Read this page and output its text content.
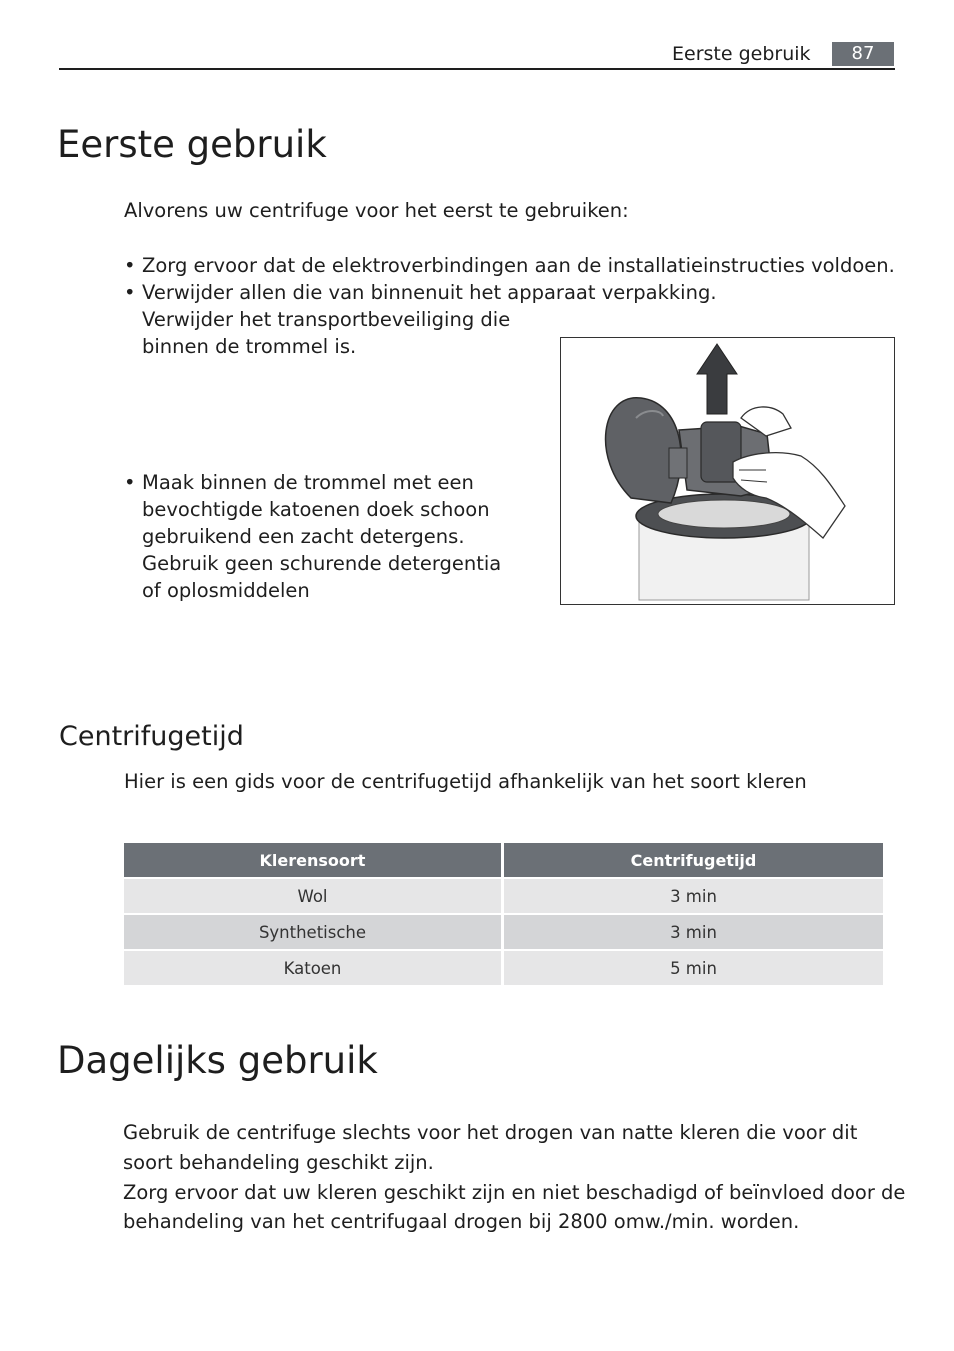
Eerste gebruik	87
Eerste gebruik

Alvorens uw centrifuge voor het eerst te gebruiken:

• Zorg ervoor dat de elektroverbindingen aan de installatieinstructies voldoen.
• Verwijder allen die van binnenuit het apparaat verpakking.
Verwijder het transportbeveiliging die
binnen de trommel is.
• Maak binnen de trommel met een
bevochtigde katoenen doek schoon
gebruikend een zacht detergens.
Gebruik geen schurende detergentia
of oplosmiddelen
Centrifugetijd

Hier is een gids voor de centrifugetijd afhankelijk van het soort kleren

Klerensoort	Centrifugetijd
Wol	3 min
Synthetische	3 min
Katoen	5 min
Dagelijks gebruik
Gebruik de centrifuge slechts voor het drogen van natte kleren die voor dit
soort behandeling geschikt zijn.
Zorg ervoor dat uw kleren geschikt zijn en niet beschadigd of beïnvloed door de
behandeling van het centrifugaal drogen bij 2800 omw./min. worden.
